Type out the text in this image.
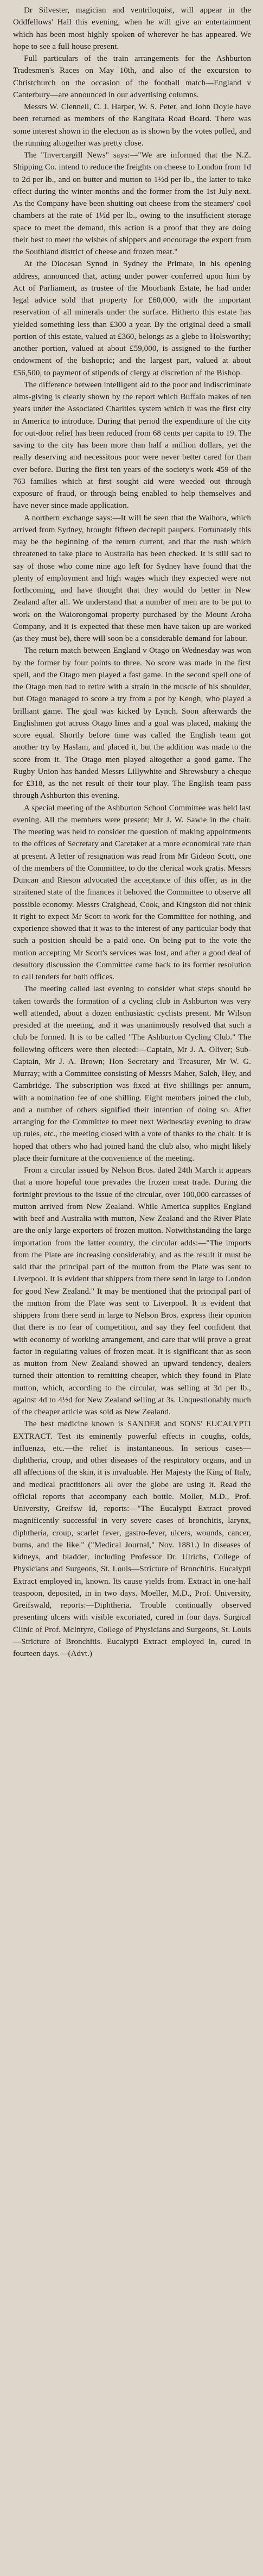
Dr Silvester, magician and ventriloquist, will appear in the Oddfellows' Hall this evening, when he will give an entertainment which has been most highly spoken of wherever he has appeared. We hope to see a full house present.

Full particulars of the train arrangements for the Ashburton Tradesmen's Races on May 10th, and also of the excursion to Christchurch on the occasion of the football match—England v Canterbury—are announced in our advertising columns.

Messrs W. Clennell, C. J. Harper, W. S. Peter, and John Doyle have been returned as members of the Rangitata Road Board. There was some interest shown in the election as is shown by the votes polled, and the running altogether was pretty close.

The "Invercargill News" says:—"We are informed that the N.Z. Shipping Co. intend to reduce the freights on cheese to London from 1d to 2d per lb., and on butter and mutton to 1½d per lb., the latter to take effect during the winter months and the former from the 1st July next. As the Company have been shutting out cheese from the steamers' cool chambers at the rate of 1½d per lb., owing to the insufficient storage space to meet the demand, this action is a proof that they are doing their best to meet the wishes of shippers and encourage the export from the Southland district of cheese and frozen meat."

At the Diocesan Synod in Sydney the Primate, in his opening address, announced that, acting under power conferred upon him by Act of Parliament, as trustee of the Moorbank Estate, he had under legal advice sold that property for £60,000, with the important reservation of all minerals under the surface. Hitherto this estate has yielded something less than £300 a year. By the original deed a small portion of this estate, valued at £360, belongs as a glebe to Holsworthy; another portion, valued at about £59,000, is assigned to the further endowment of the bishopric; and the largest part, valued at about £56,500, to payment of stipends of clergy at discretion of the Bishop.

The difference between intelligent aid to the poor and indiscriminate alms-giving is clearly shown by the report which Buffalo makes of ten years under the Associated Charities system which it was the first city in America to introduce. During that period the expenditure of the city for out-door relief has been reduced from 68 cents per capita to 19. The saving to the city has been more than half a million dollars, yet the really deserving and necessitous poor were never better cared for than ever before. During the first ten years of the society's work 459 of the 763 families which at first sought aid were weeded out through exposure of fraud, or through being enabled to help themselves and have never since made application.

A northern exchange says:—It will be seen that the Waihora, which arrived from Sydney, brought fifteen decrepit paupers. Fortunately this may be the beginning of the return current, and that the rush which threatened to take place to Australia has been checked. It is still sad to say of those who come nine ago left for Sydney have found that the plenty of employment and high wages which they expected were not forthcoming, and have thought that they would do better in New Zealand after all. We understand that a number of men are to be put to work on the Waiorongomai property purchased by the Mount Aroha Company, and it is expected that these men have taken up are worked (as they must be), there will soon be a considerable demand for labour.

The return match between England v Otago on Wednesday was won by the former by four points to three. No score was made in the first spell, and the Otago men played a fast game. In the second spell one of the Otago men had to retire with a strain in the muscle of his shoulder, but Otago managed to score a try from a pot by Keogh, who played a brilliant game. The goal was kicked by Lynch. Soon afterwards the Englishmen got across Otago lines and a goal was placed, making the score equal. Shortly before time was called the English team got another try by Haslam, and placed it, but the addition was made to the score from it. The Otago men played altogether a good game. The Rugby Union has handed Messrs Lillywhite and Shrewsbury a cheque for £318, as the net result of their tour play. The English team pass through Ashburton this evening.

A special meeting of the Ashburton School Committee was held last evening. All the members were present; Mr J. W. Sawle in the chair. The meeting was held to consider the question of making appointments to the offices of Secretary and Caretaker at a more economical rate than at present. A letter of resignation was read from Mr Gideon Scott, one of the members of the Committee, to do the clerical work gratis. Messrs Duncan and Rieson advocated the acceptance of this offer, as in the straitened state of the finances it behoved the Committee to observe all possible economy. Messrs Craighead, Cook, and Kingston did not think it right to expect Mr Scott to work for the Committee for nothing, and experience showed that it was to the interest of any particular body that such a position should be a paid one. On being put to the vote the motion accepting Mr Scott's services was lost, and after a good deal of desultory discussion the Committee came back to its former resolution to call tenders for both offices.

The meeting called last evening to consider what steps should be taken towards the formation of a cycling club in Ashburton was very well attended, about a dozen enthusiastic cyclists present. Mr Wilson presided at the meeting, and it was unanimously resolved that such a club be formed. It is to be called "The Ashburton Cycling Club." The following officers were then elected:—Captain, Mr J. A. Oliver; Sub-Captain, Mr J. A. Brown; Hon Secretary and Treasurer, Mr W. G. Murray; with a Committee consisting of Messrs Maher, Saleh, Hey, and Cambridge. The subscription was fixed at five shillings per annum, with a nomination fee of one shilling. Eight members joined the club, and a number of others signified their intention of doing so. After arranging for the Committee to meet next Wednesday evening to draw up rules, etc., the meeting closed with a vote of thanks to the chair. It is hoped that others who had joined hand the club also, who might likely place their furniture at the convenience of the meeting.

From a circular issued by Nelson Bros. dated 24th March it appears that a more hopeful tone prevades the frozen meat trade. During the fortnight previous to the issue of the circular, over 100,000 carcasses of mutton arrived from New Zealand. While America supplies England with beef and Australia with mutton, New Zealand and the River Plate are the only large exporters of frozen mutton. Notwithstanding the large importation from the latter country, the circular adds:—"The imports from the Plate are increasing considerably, and as the result it must be said that the principal part of the mutton from the Plate was sent to Liverpool. It is evident that shippers from there send in large to London for good New Zealand." It may be mentioned that the principal part of the mutton from the Plate was sent to Liverpool. It is evident that shippers from there send in large to Nelson Bros. express their opinion that there is no fear of competition, and say they feel confident that with economy of working arrangement, and care that will prove a great factor in regulating values of frozen meat. It is significant that as soon as mutton from New Zealand showed an upward tendency, dealers turned their attention to remitting cheaper, which they found in Plate mutton, which, according to the circular, was selling at 3d per lb., against 4d to 4½d for New Zealand selling at 3s. Unquestionably much of the cheaper article was sold as New Zealand.

The best medicine known is SANDER and SONS' EUCALYPTI EXTRACT. Test its eminently powerful effects in coughs, colds, influenza, etc.—the relief is instantaneous. In serious cases—diphtheria, croup, and other diseases of the respiratory organs, and in all affections of the skin, it is invaluable. Her Majesty the King of Italy, and medical practitioners all over the globe are using it. Read the official reports that accompany each bottle. Moller, M.D., Prof. University, Greifsw Id, reports:—"The Eucalypti Extract proved magnificently successful in very severe cases of bronchitis, larynx, diphtheria, croup, scarlet fever, gastro-fever, ulcers, wounds, cancer, burns, and the like." ("Medical Journal," Nov. 1881.) In diseases of kidneys, and bladder, including Professor Dr. Ulrichs, College of Physicians and Surgeons, St. Louis—Stricture of Bronchitis. Eucalypti Extract employed in, known. Its cause yields from. Extract in one-half teaspoon, deposited, in in two days. Moeller, M.D., Prof. University, Greifswald, reports:—Diphtheria. Trouble continually observed presenting ulcers with visible excoriated, cured in four days. Surgical Clinic of Prof. McIntyre, College of Physicians and Surgeons, St. Louis—Stricture of Bronchitis. Eucalypti Extract employed in, cured in fourteen days.—(Advt.)
